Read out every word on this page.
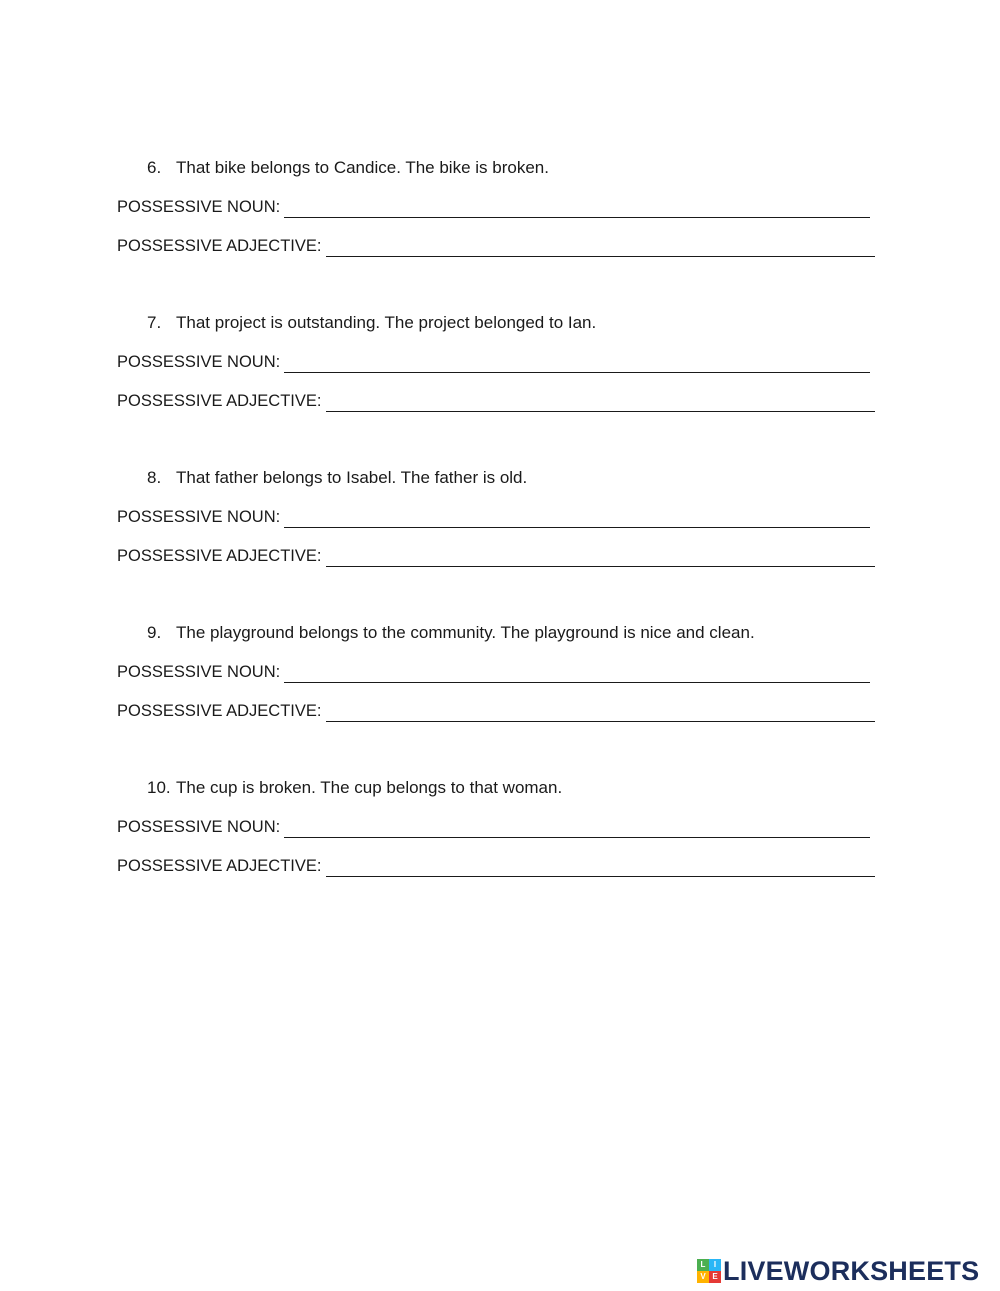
6. That bike belongs to Candice. The bike is broken.
POSSESSIVE NOUN:
POSSESSIVE ADJECTIVE:
7. That project is outstanding. The project belonged to Ian.
POSSESSIVE NOUN:
POSSESSIVE ADJECTIVE:
8. That father belongs to Isabel. The father is old.
POSSESSIVE NOUN:
POSSESSIVE ADJECTIVE:
9. The playground belongs to the community. The playground is nice and clean.
POSSESSIVE NOUN:
POSSESSIVE ADJECTIVE:
10. The cup is broken. The cup belongs to that woman.
POSSESSIVE NOUN:
POSSESSIVE ADJECTIVE:
L	I
V E LIVEWORKSHEETS
